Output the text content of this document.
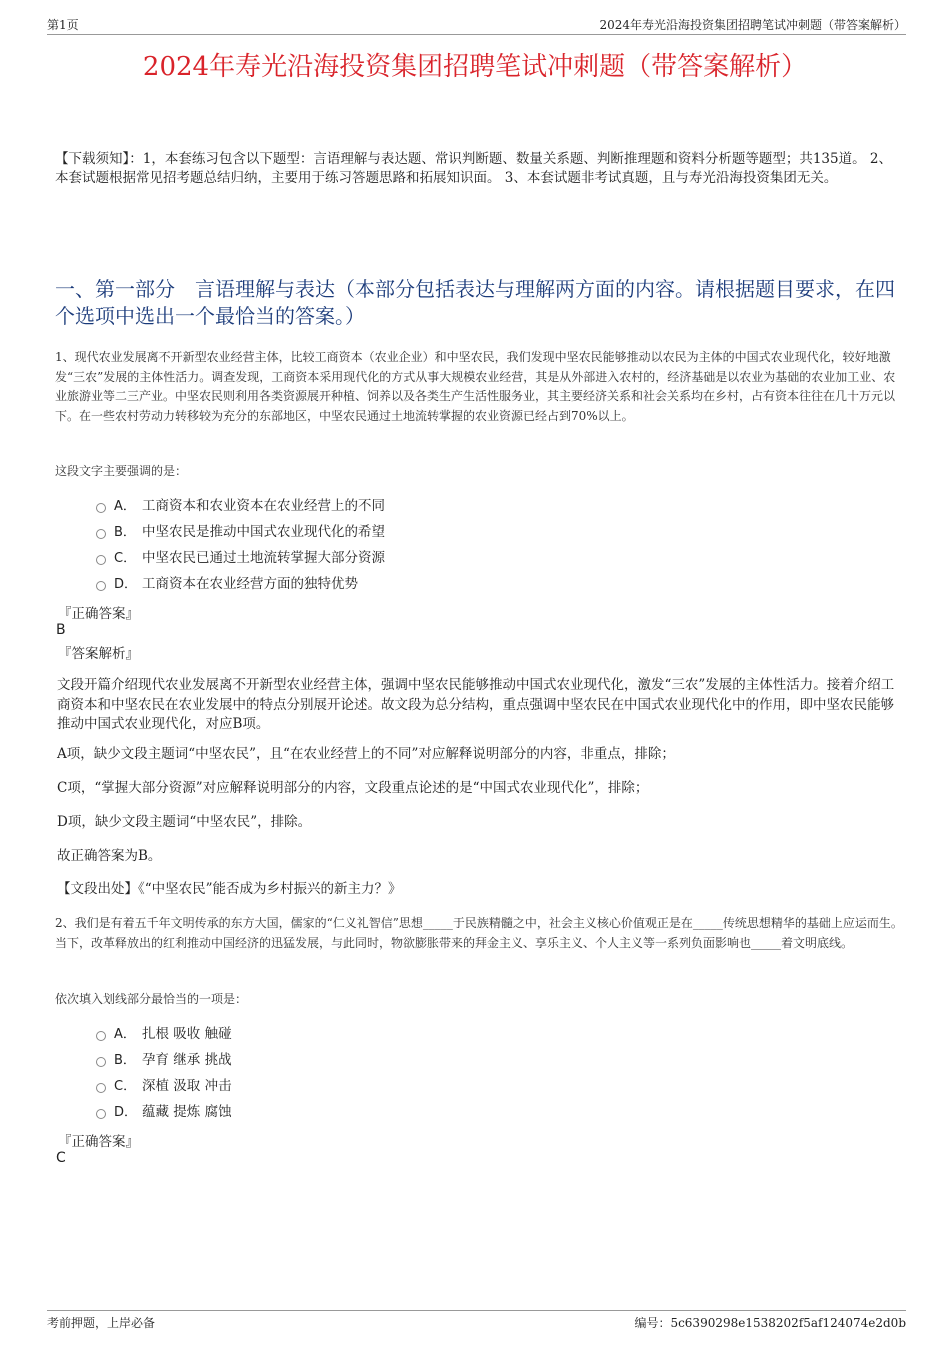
第1页	2024年寿光沿海投资集团招聘笔试冲刺题（带答案解析）
2024年寿光沿海投资集团招聘笔试冲刺题（带答案解析）
【下载须知】：1，本套练习包含以下题型：言语理解与表达题、常识判断题、数量关系题、判断推理题和资料分析题等题型；共135道。 2、本套试题根据常见招考题总结归纳，主要用于练习答题思路和拓展知识面。 3、本套试题非考试真题，且与寿光沿海投资集团无关。
一、第一部分　言语理解与表达（本部分包括表达与理解两方面的内容。请根据题目要求，在四个选项中选出一个最恰当的答案。）
1、现代农业发展离不开新型农业经营主体，比较工商资本（农业企业）和中坚农民，我们发现中坚农民能够推动以农民为主体的中国式农业现代化，较好地激发“三农”发展的主体性活力。调查发现，工商资本采用现代化的方式从事大规模农业经营，其是从外部进入农村的，经济基础是以农业为基础的农业加工业、农业旅游业等二三产业。中坚农民则利用各类资源展开种植、饲养以及各类生产生活性服务业，其主要经济关系和社会关系均在乡村，占有资本往往在几十万元以下。在一些农村劳动力转移较为充分的东部地区，中坚农民通过土地流转掌握的农业资源已经占到70%以上。
这段文字主要强调的是：
A． 工商资本和农业资本在农业经营上的不同
B． 中坚农民是推动中国式农业现代化的希望
C． 中坚农民已通过土地流转掌握大部分资源
D． 工商资本在农业经营方面的独特优势
『正确答案』
B
『答案解析』
文段开篇介绍现代农业发展离不开新型农业经营主体，强调中坚农民能够推动中国式农业现代化，激发“三农”发展的主体性活力。接着介绍工商资本和中坚农民在农业发展中的特点分别展开论述。故文段为总分结构，重点强调中坚农民在中国式农业现代化中的作用，即中坚农民能够推动中国式农业现代化，对应B项。
A项，缺少文段主题词“中坚农民”，且“在农业经营上的不同”对应解释说明部分的内容，非重点，排除；
C项，“掌握大部分资源”对应解释说明部分的内容，文段重点论述的是“中国式农业现代化”，排除；
D项，缺少文段主题词“中坚农民”，排除。
故正确答案为B。
【文段出处】《“中坚农民”能否成为乡村振兴的新主力？》
2、我们是有着五千年文明传承的东方大国，儒家的“仁义礼智信”思想_____于民族精髓之中，社会主义核心价值观正是在_____传统思想精华的基础上应运而生。当下，改革释放出的红利推动中国经济的迅猛发展，与此同时，物欲膨胀带来的拜金主义、享乐主义、个人主义等一系列负面影响也_____着文明底线。
依次填入划线部分最恰当的一项是：
A． 扎根 吸收 触碰
B． 孕育 继承 挑战
C． 深植 汲取 冲击
D． 蕴藏 提炼 腐蚀
『正确答案』
C
考前押题，上岸必备	编号：5c6390298e1538202f5af124074e2d0b
